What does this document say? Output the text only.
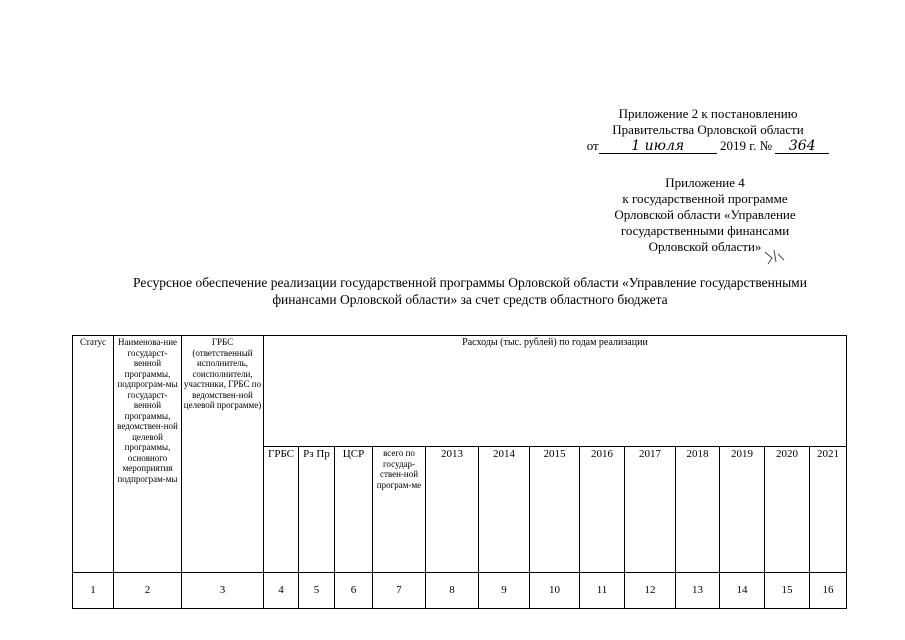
Приложение 2 к постановлению
Правительства Орловской области
от 1 июля	2019 г. № 364
Приложение 4
к государственной программе
Орловской области «Управление
государственными финансами
Орловской области»
Ресурсное обеспечение реализации государственной программы Орловской области «Управление государственными
финансами Орловской области» за счет средств областного бюджета
Статус	Наименова-ние государст-венной программы, подпрограм-мы государст-венной программы, ведомствен-ной целевой программы, основного мероприятия подпрограм-мы	ГРБС (ответственный исполнитель, соисполнители, участники, ГРБС по ведомствен-ной целевой программе)	Расходы (тыс. рублей) по годам реализации												
			ГРБС	Рз Пр	ЦСР	всего по государ-ствен-ной програм-ме	2013	2014	2015	2016	2017	2018	2019	2020	2021
1	2	3	4	5	6	7	8	9	10	11	12	13	14	15	16
